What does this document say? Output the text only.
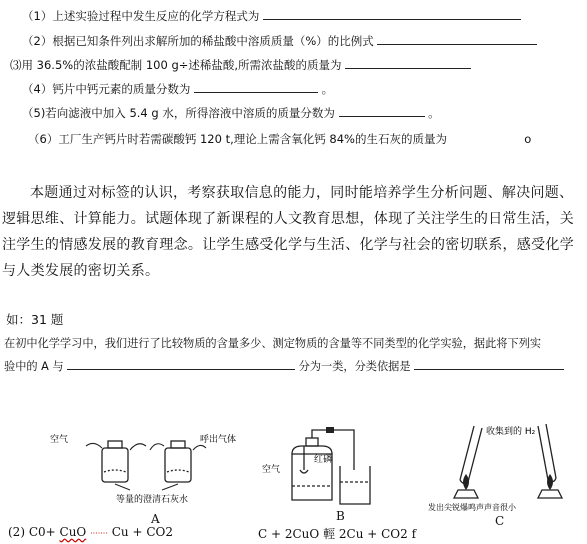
（1）上述实验过程中发生反应的化学方程式为
（2）根据已知条件列出求解所加的稀盐酸中溶质质量（%）的比例式
⑶用 36.5%的浓盐酸配制 100 g÷述稀盐酸,所需浓盐酸的质量为
（4）钙片中钙元素的质量分数为	。
（5)若向滤液中加入 5.4 g 水，所得溶液中溶质的质量分数为	。
（6）工厂生产钙片时若需碳酸钙 120 t,理论上需含氧化钙 84%的生石灰的质量为	o
本题通过对标签的认识，考察获取信息的能力，同时能培养学生分析问题、解决问题、逻辑思维、计算能力。试题体现了新课程的人文教育思想，体现了关注学生的日常生活，关注学生的情感发展的教育理念。让学生感受化学与生活、化学与社会的密切联系，感受化学与人类发展的密切关系。
如：31 题
在初中化学学习中，我们进行了比较物质的含量多少、测定物质的含量等不同类型的化学实验，据此将下列实
验中的 A 与	分为一类，分类依据是
空气	呼出气体
等量的澄清石灰水
A
空气
红磷
B
收集到的 H₂
发出尖锐爆鸣声声音很小
C
(2) C0+ CuO ······· Cu + CO2	C + 2CuO 輕 2Cu + CO2 f
